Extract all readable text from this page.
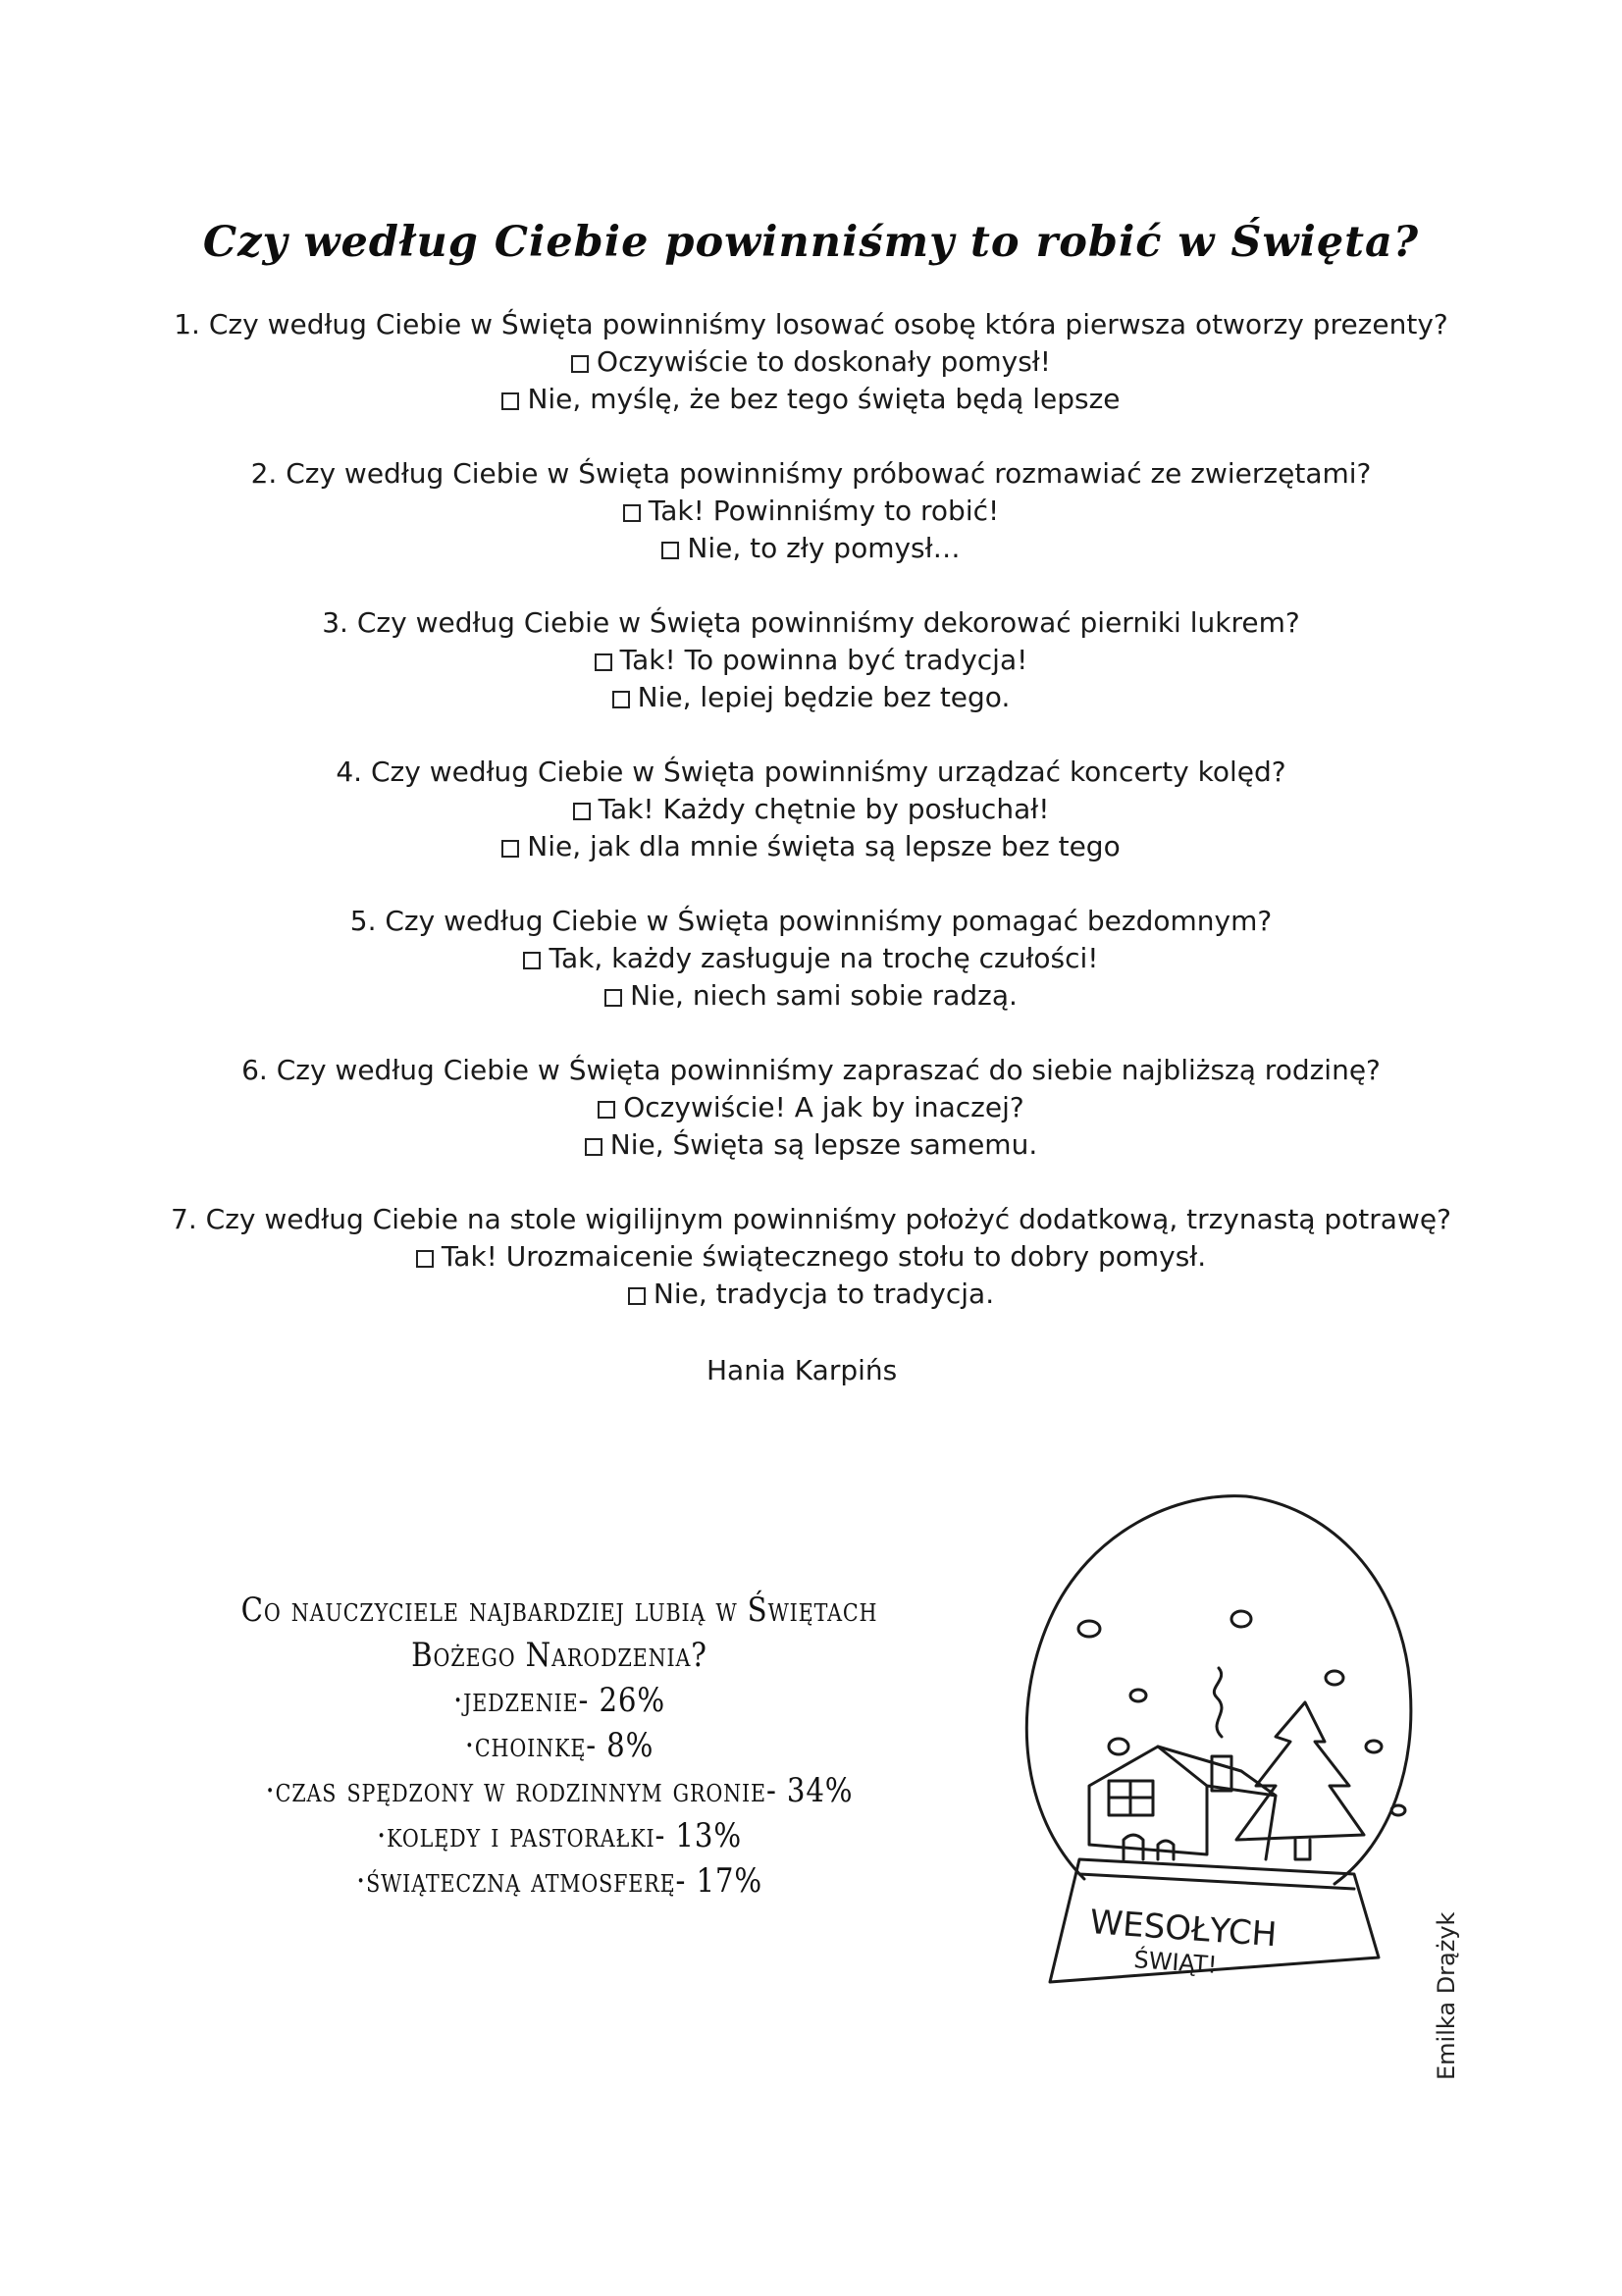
Czy według Ciebie powinniśmy to robić w Święta?

1. Czy według Ciebie w Święta powinniśmy losować osobę która pierwsza otworzy prezenty?

Oczywiście to doskonały pomysł!
Nie, myślę, że bez tego święta będą lepsze

2. Czy według Ciebie w Święta powinniśmy próbować rozmawiać ze zwierzętami?

Tak! Powinniśmy to robić!
Nie, to zły pomysł…

3. Czy według Ciebie w Święta powinniśmy dekorować pierniki lukrem?

Tak! To powinna być tradycja!
Nie, lepiej będzie bez tego.

4. Czy według Ciebie w Święta powinniśmy urządzać koncerty kolęd?

Tak! Każdy chętnie by posłuchał!
Nie, jak dla mnie święta są lepsze bez tego

5. Czy według Ciebie w Święta powinniśmy pomagać bezdomnym?

Tak, każdy zasługuje na trochę czułości!
Nie, niech sami sobie radzą.

6. Czy według Ciebie w Święta powinniśmy zapraszać do siebie najbliższą rodzinę?

Oczywiście! A jak by inaczej?
Nie, Święta są lepsze samemu.

7. Czy według Ciebie na stole wigilijnym powinniśmy położyć dodatkową, trzynastą potrawę?

Tak! Urozmaicenie świątecznego stołu to dobry pomysł.
Nie, tradycja to tradycja.
Hania Karpińs

Co nauczyciele najbardziej lubią w Świętach

Bożego Narodzenia?

·jedzenie- 26%

·choinkę- 8%

·czas spędzony w rodzinnym gronie- 34%

·kolędy i pastorałki- 13%

·świąteczną atmosferę- 17%

WESOŁYCH
ŚWIĄT!	Emilka Drążyk
